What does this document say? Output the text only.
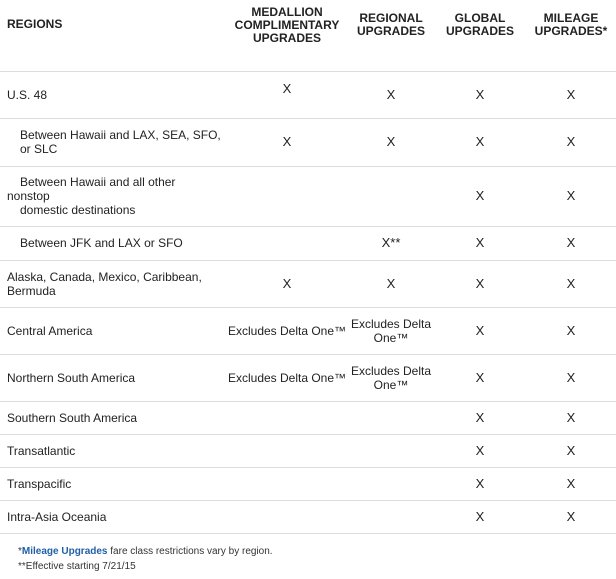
REGIONS	MEDALLION COMPLIMENTARY UPGRADES	REGIONAL UPGRADES	GLOBAL UPGRADES	MILEAGE UPGRADES*
U.S. 48	X	X	X	X
Between Hawaii and LAX, SEA, SFO, or SLC	X	X	X	X

Between Hawaii and all other
nonstop
domestic destinations			X	X
Between JFK and LAX or SFO		X**	X	X
Alaska, Canada, Mexico, Caribbean, Bermuda	X	X	X	X
Central America	Excludes Delta One™	Excludes Delta One™	X	X
Northern South America	Excludes Delta One™	Excludes Delta One™	X	X
Southern South America			X	X
Transatlantic			X	X
Transpacific			X	X
Intra-Asia Oceania			X	X
*Mileage Upgrades fare class restrictions vary by region.
**Effective starting 7/21/15
